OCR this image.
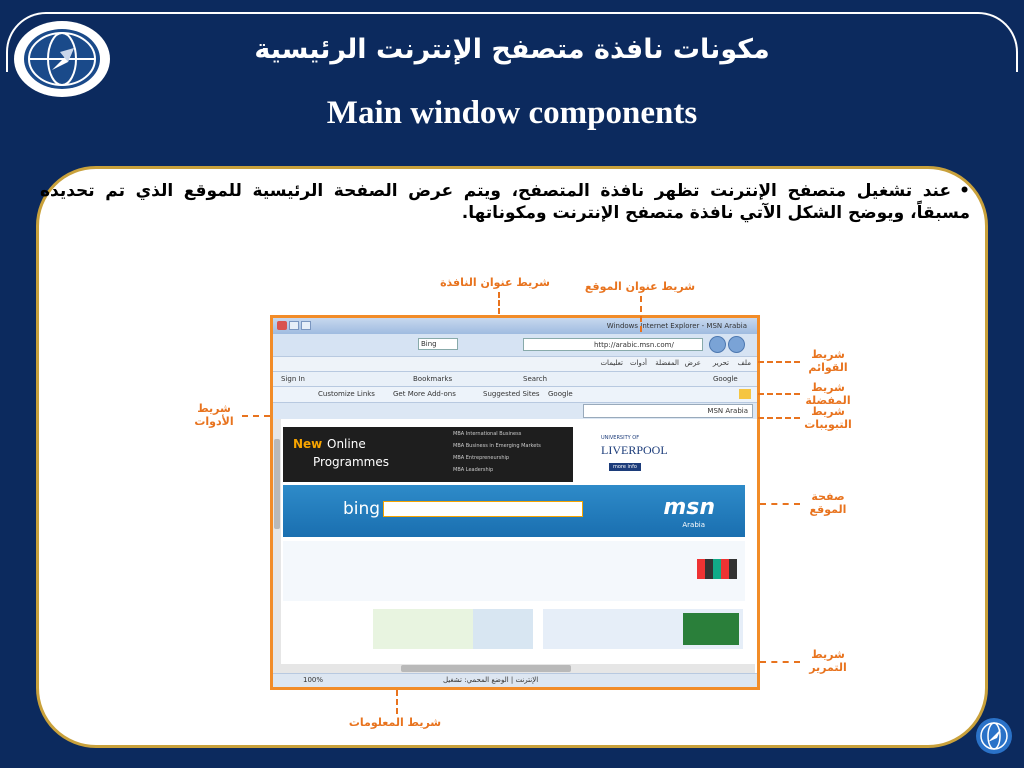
مكونات نافذة متصفح الإنترنت الرئيسية
Main window components
•عند تشغيل متصفح الإنترنت تظهر نافذة المتصفح، ويتم عرض الصفحة الرئيسية للموقع الذي تم تحديده مسبقاً، ويوضح الشكل الآتي نافذة متصفح الإنترنت ومكوناتها.
Windows Internet Explorer - MSN Arabia
Bing	http://arabic.msn.com/
ملف
تحرير
عرض
المفضلة
أدوات
تعليمات
Sign In	Bookmarks	Search	Google
Customize Links	Get More Add-ons	Suggested Sites Google
MSN Arabia
New Online
Programmes
MBA International Business
MBA Business in Emerging Markets
MBA Entrepreneurship
MBA Leadership
UNIVERSITY OF
LIVERPOOL
more info
bing	msn
Arabia
100%	الإنترنت | الوضع المحمي: تشغيل
شريط عنوان النافذة	شريط عنوان الموقع
شريط القوائم
شريط المفضلة
شريط التبويبات
شريط الأدوات
صفحة الموقع
شريط التمرير
شريط المعلومات
